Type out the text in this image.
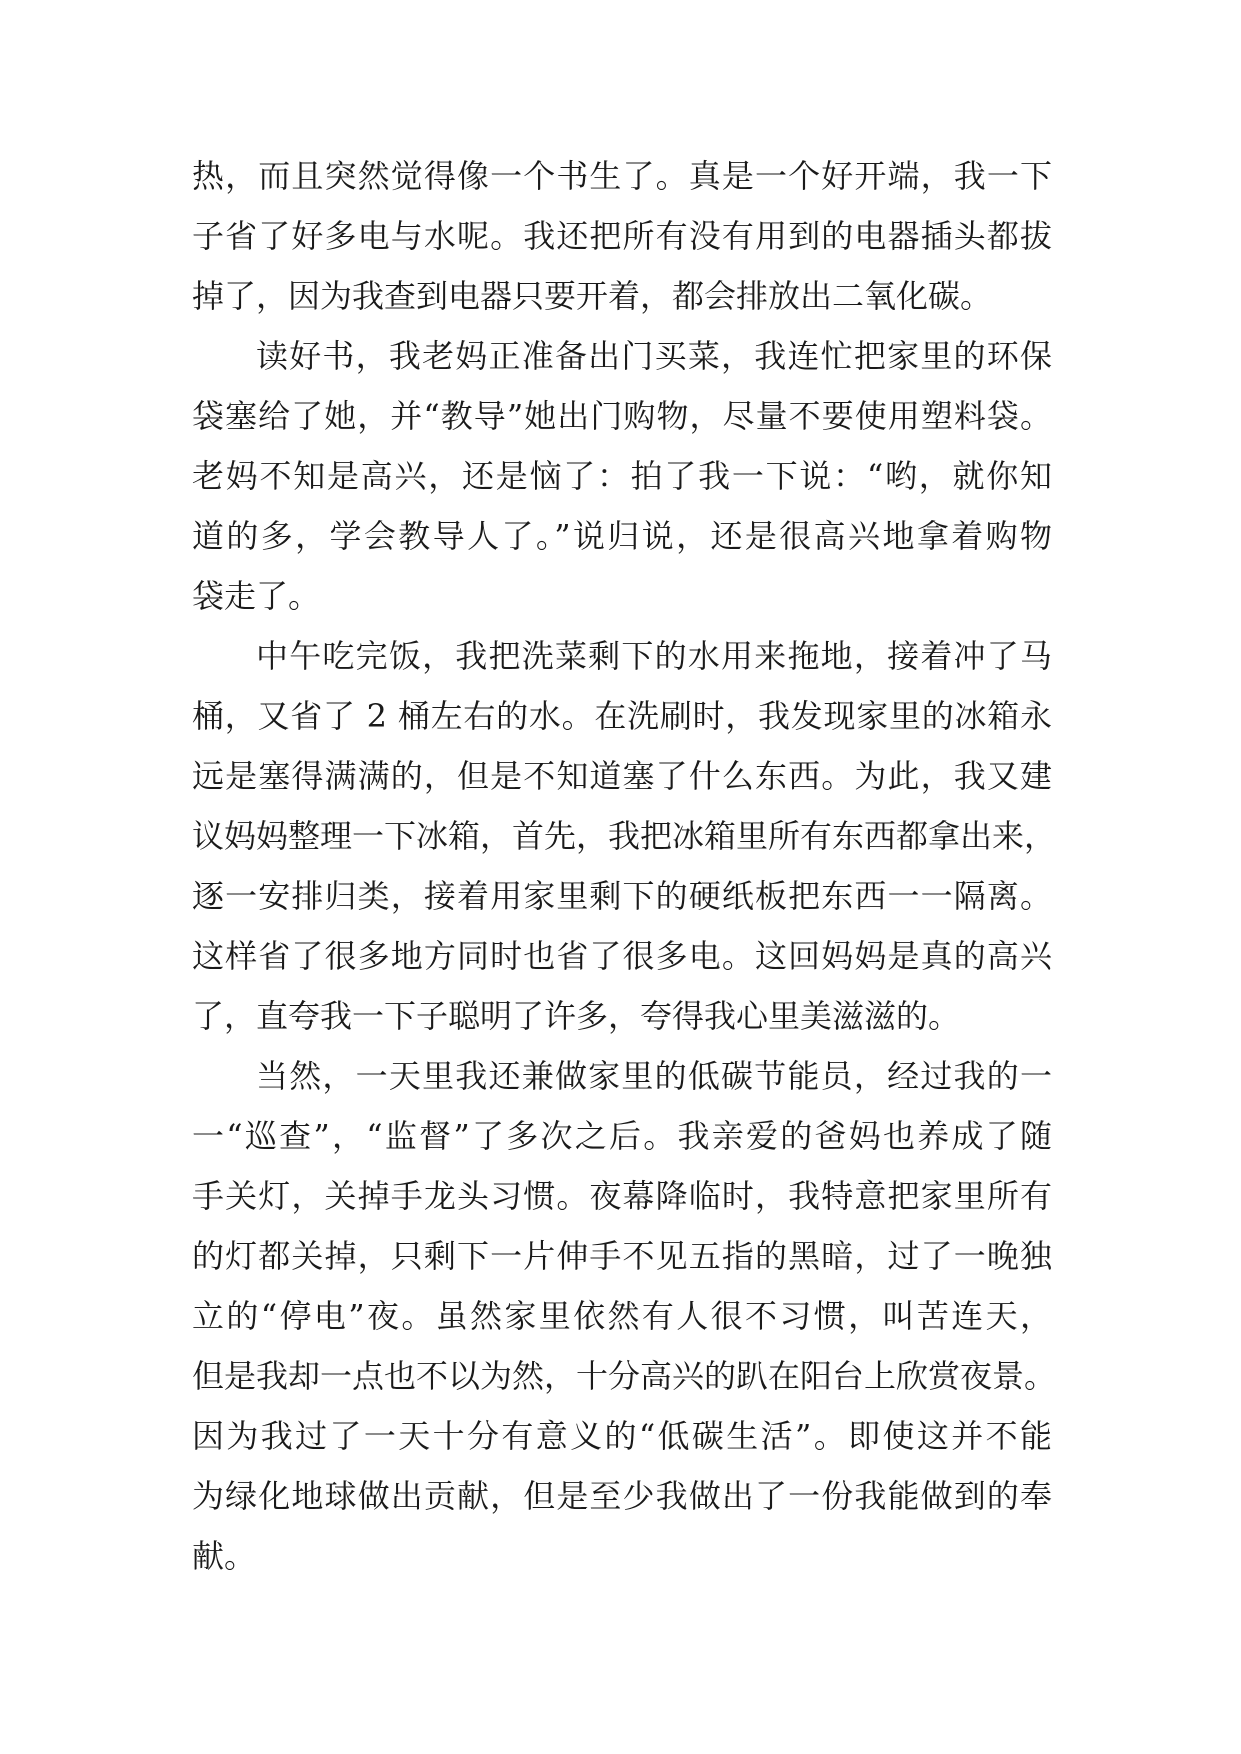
热，而且突然觉得像一个书生了。真是一个好开端，我一下
子省了好多电与水呢。我还把所有没有用到的电器插头都拔
掉了，因为我查到电器只要开着，都会排放出二氧化碳。
读好书，我老妈正准备出门买菜，我连忙把家里的环保
袋塞给了她，并“教导”她出门购物，尽量不要使用塑料袋。
老妈不知是高兴，还是恼了：拍了我一下说：“哟，就你知
道的多，学会教导人了。”说归说，还是很高兴地拿着购物
袋走了。
中午吃完饭，我把洗菜剩下的水用来拖地，接着冲了马
桶，又省了 2 桶左右的水。在洗刷时，我发现家里的冰箱永
远是塞得满满的，但是不知道塞了什么东西。为此，我又建
议妈妈整理一下冰箱，首先，我把冰箱里所有东西都拿出来，
逐一安排归类，接着用家里剩下的硬纸板把东西一一隔离。
这样省了很多地方同时也省了很多电。这回妈妈是真的高兴
了，直夸我一下子聪明了许多，夸得我心里美滋滋的。
当然，一天里我还兼做家里的低碳节能员，经过我的一
一“巡查”，“监督”了多次之后。我亲爱的爸妈也养成了随
手关灯，关掉手龙头习惯。夜幕降临时，我特意把家里所有
的灯都关掉，只剩下一片伸手不见五指的黑暗，过了一晚独
立的“停电”夜。虽然家里依然有人很不习惯，叫苦连天，
但是我却一点也不以为然，十分高兴的趴在阳台上欣赏夜景。
因为我过了一天十分有意义的“低碳生活”。即使这并不能
为绿化地球做出贡献，但是至少我做出了一份我能做到的奉
献。
